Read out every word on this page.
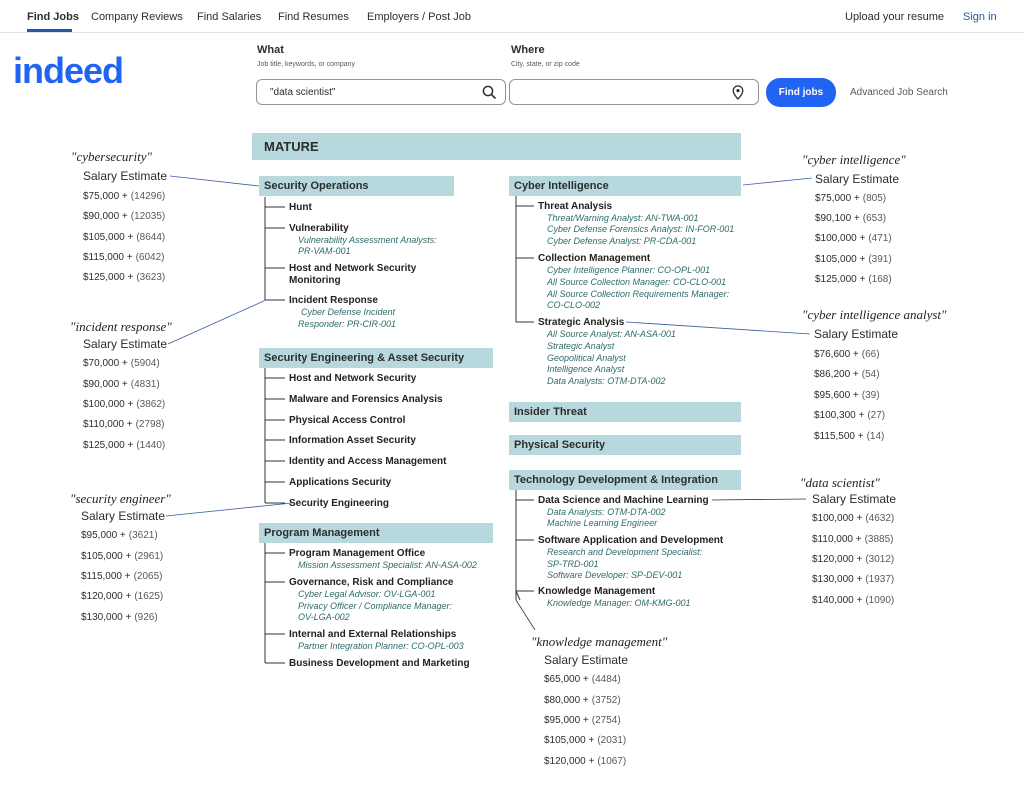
Find Jobs Company Reviews Find Salaries Find Resumes Employers / Post Job	Upload your resume Sign in
indeed	What
Job title, keywords, or company
"data scientist"
Where
City, state, or zip code
Find jobs	Advanced Job Search
MATURE
Security Operations
Hunt
Vulnerability
Vulnerability Assessment Analysts:
PR-VAM-001
Host and Network Security
Monitoring
Incident Response
Cyber Defense Incident
Responder: PR-CIR-001
Security Engineering & Asset Security
Host and Network Security
Malware and Forensics Analysis
Physical Access Control
Information Asset Security
Identity and Access Management
Applications Security
Security Engineering
Program Management
Program Management Office
Mission Assessment Specialist: AN-ASA-002
Governance, Risk and Compliance
Cyber Legal Advisor: OV-LGA-001
Privacy Officer / Compliance Manager:
OV-LGA-002
Internal and External Relationships
Partner Integration Planner: CO-OPL-003
Business Development and Marketing
Cyber Intelligence
Threat Analysis
Threat/Warning Analyst: AN-TWA-001
Cyber Defense Forensics Analyst: IN-FOR-001
Cyber Defense Analyst: PR-CDA-001
Collection Management
Cyber Intelligence Planner: CO-OPL-001
All Source Collection Manager: CO-CLO-001
All Source Collection Requirements Manager:
CO-CLO-002
Strategic Analysis
All Source Analyst: AN-ASA-001
Strategic Analyst
Geopolitical Analyst
Intelligence Analyst
Data Analysts: OTM-DTA-002
Insider Threat
Physical Security
Technology Development & Integration
Data Science and Machine Learning
Data Analysts: OTM-DTA-002
Machine Learning Engineer
Software Application and Development
Research and Development Specialist:
SP-TRD-001
Software Developer: SP-DEV-001
Knowledge Management
Knowledge Manager: OM-KMG-001
"cybersecurity"
Salary Estimate
$75,000 + (14296)
$90,000 + (12035)
$105,000 + (8644)
$115,000 + (6042)
$125,000 + (3623)
"incident response"
Salary Estimate
$70,000 + (5904)
$90,000 + (4831)
$100,000 + (3862)
$110,000 + (2798)
$125,000 + (1440)
"security engineer"
Salary Estimate
$95,000 + (3621)
$105,000 + (2961)
$115,000 + (2065)
$120,000 + (1625)
$130,000 + (926)
"cyber intelligence"
Salary Estimate
$75,000 + (805)
$90,100 + (653)
$100,000 + (471)
$105,000 + (391)
$125,000 + (168)
"cyber intelligence analyst"
Salary Estimate
$76,600 + (66)
$86,200 + (54)
$95,600 + (39)
$100,300 + (27)
$115,500 + (14)
"data scientist"
Salary Estimate
$100,000 + (4632)
$110,000 + (3885)
$120,000 + (3012)
$130,000 + (1937)
$140,000 + (1090)
"knowledge management"
Salary Estimate
$65,000 + (4484)
$80,000 + (3752)
$95,000 + (2754)
$105,000 + (2031)
$120,000 + (1067)
